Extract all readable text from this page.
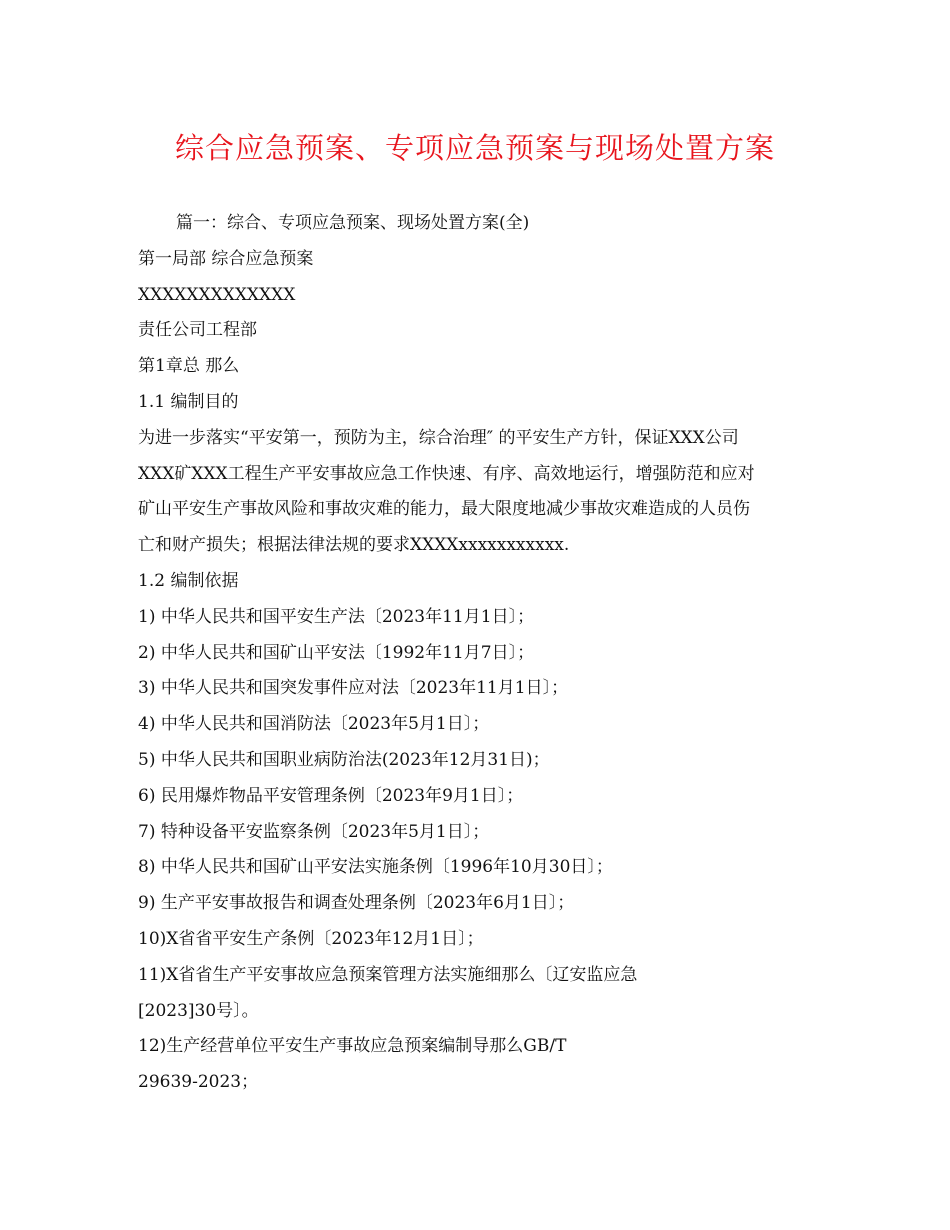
综合应急预案、专项应急预案与现场处置方案
篇一：综合、专项应急预案、现场处置方案(全)
第一局部 综合应急预案
XXXXXXXXXXXXX
责任公司工程部
第1章总 那么
1.1 编制目的
为进一步落实“平安第一，预防为主，综合治理″ 的平安生产方针，保证XXX公司
XXX矿XXX工程生产平安事故应急工作快速、有序、高效地运行，增强防范和应对
矿山平安生产事故风险和事故灾难的能力，最大限度地减少事故灾难造成的人员伤
亡和财产损失；根据法律法规的要求XXXXxxxxxxxxxxx.
1.2 编制依据
1) 中华人民共和国平安生产法〔2023年11月1日〕；
2) 中华人民共和国矿山平安法〔1992年11月7日〕；
3) 中华人民共和国突发事件应对法〔2023年11月1日〕；
4) 中华人民共和国消防法〔2023年5月1日〕；
5) 中华人民共和国职业病防治法(2023年12月31日)；
6) 民用爆炸物品平安管理条例〔2023年9月1日〕；
7) 特种设备平安监察条例〔2023年5月1日〕；
8) 中华人民共和国矿山平安法实施条例〔1996年10月30日〕；
9) 生产平安事故报告和调查处理条例〔2023年6月1日〕；
10)X省省平安生产条例〔2023年12月1日〕；
11)X省省生产平安事故应急预案管理方法实施细那么〔辽安监应急
[2023]30号〕。
12)生产经营单位平安生产事故应急预案编制导那么GB/T
29639-2023；
